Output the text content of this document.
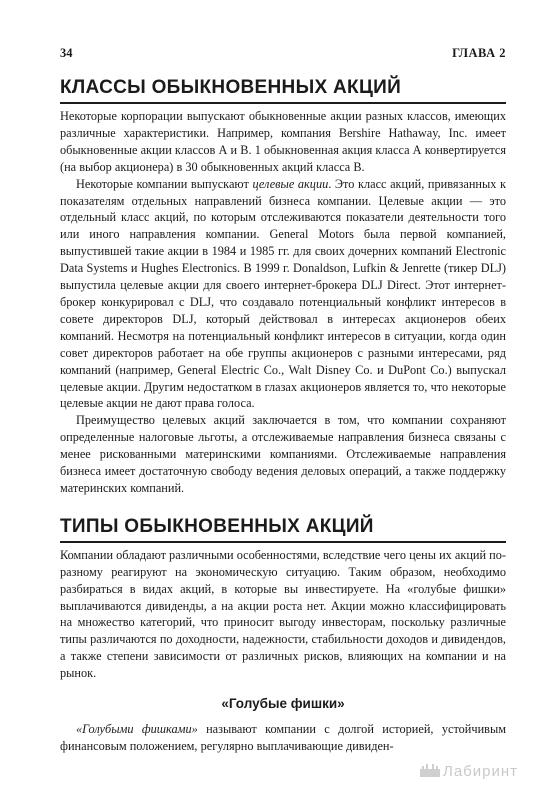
34	ГЛАВА 2
КЛАССЫ ОБЫКНОВЕННЫХ АКЦИЙ

Некоторые корпорации выпускают обыкновенные акции разных классов, имеющих различные характеристики. Например, компания Bershire Hathaway, Inc. имеет обыкновенные акции классов А и В. 1 обыкновенная акция класса А конвертируется (на выбор акционера) в 30 обыкновенных акций класса В.

Некоторые компании выпускают целевые акции. Это класс акций, привязанных к показателям отдельных направлений бизнеса компании. Целевые акции — это отдельный класс акций, по которым отслеживаются показатели деятельности того или иного направления компании. General Motors была первой компанией, выпустившей такие акции в 1984 и 1985 гг. для своих дочерних компаний Electronic Data Systems и Hughes Electronics. В 1999 г. Donaldson, Lufkin & Jenrette (тикер DLJ) выпустила целевые акции для своего интернет-брокера DLJ Direct. Этот интернет-брокер конкурировал с DLJ, что создавало потенциальный конфликт интересов в совете директоров DLJ, который действовал в интересах акционеров обеих компаний. Несмотря на потенциальный конфликт интересов в ситуации, когда один совет директоров работает на обе группы акционеров с разными интересами, ряд компаний (например, General Electric Co., Walt Disney Co. и DuPont Co.) выпускал целевые акции. Другим недостатком в глазах акционеров является то, что некоторые целевые акции не дают права голоса.

Преимущество целевых акций заключается в том, что компании сохраняют определенные налоговые льготы, а отслеживаемые направления бизнеса связаны с менее рискованными материнскими компаниями. Отслеживаемые направления бизнеса имеет достаточную свободу ведения деловых операций, а также поддержку материнских компаний.

ТИПЫ ОБЫКНОВЕННЫХ АКЦИЙ

Компании обладают различными особенностями, вследствие чего цены их акций по-разному реагируют на экономическую ситуацию. Таким образом, необходимо разбираться в видах акций, в которые вы инвестируете. На «голубые фишки» выплачиваются дивиденды, а на акции роста нет. Акции можно классифицировать на множество категорий, что приносит выгоду инвесторам, поскольку различные типы различаются по доходности, надежности, стабильности доходов и дивидендов, а также степени зависимости от различных рисков, влияющих на компании и на рынок.

«Голубые фишки»

«Голубыми фишками» называют компании с долгой историей, устойчивым финансовым положением, регулярно выплачивающие дивиден-

Лабиринт
